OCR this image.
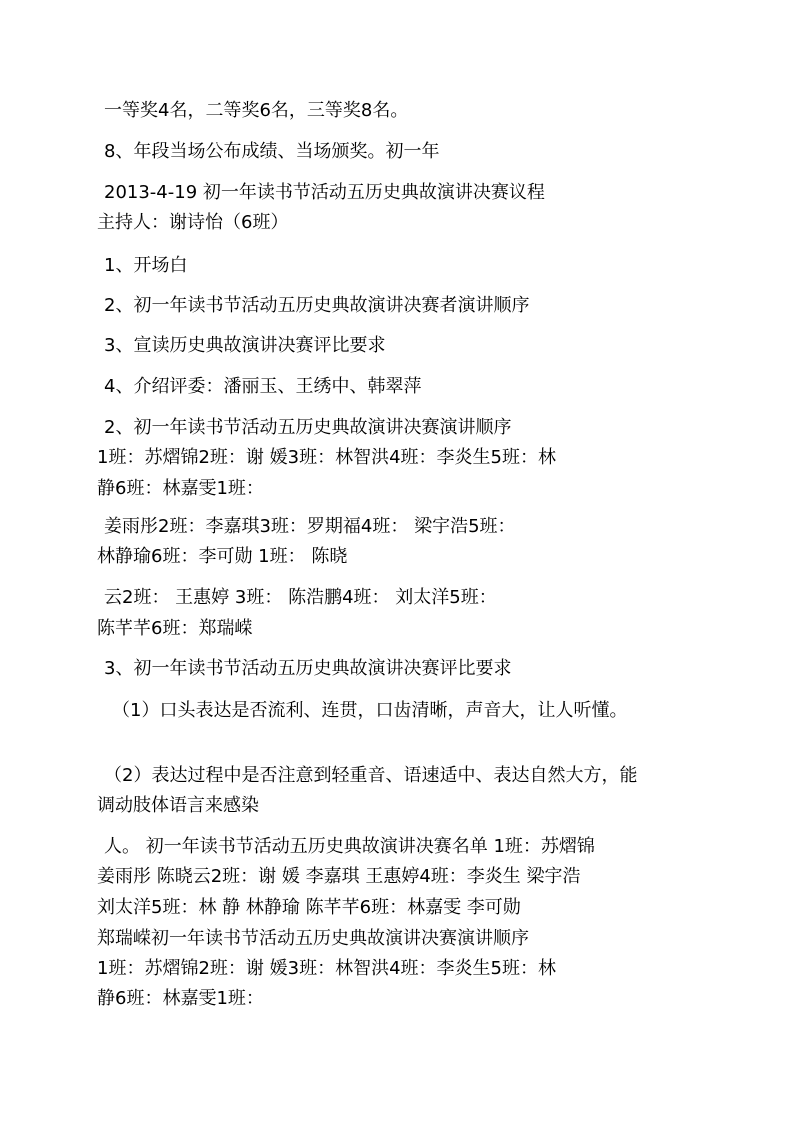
一等奖4名，二等奖6名，三等奖8名。

8、年段当场公布成绩、当场颁奖。初一年

2013-4-19 初一年读书节活动五历史典故演讲决赛议程

主持人：谢诗怡（6班）

1、开场白

2、初一年读书节活动五历史典故演讲决赛者演讲顺序

3、宣读历史典故演讲决赛评比要求

4、介绍评委：潘丽玉、王绣中、韩翠萍

2、初一年读书节活动五历史典故演讲决赛演讲顺序

1班：苏熠锦2班：谢 媛3班：林智洪4班：李炎生5班：林

静6班：林嘉雯1班：

姜雨彤2班：李嘉琪3班：罗期福4班： 梁宇浩5班：

林静瑜6班：李可勋 1班： 陈晓

云2班： 王惠婷 3班： 陈浩鹏4班： 刘太洋5班：

陈芊芊6班：郑瑞嵘

3、初一年读书节活动五历史典故演讲决赛评比要求

（1）口头表达是否流利、连贯，口齿清晰，声音大，让人听懂。

（2）表达过程中是否注意到轻重音、语速适中、表达自然大方，能

调动肢体语言来感染

人。 初一年读书节活动五历史典故演讲决赛名单 1班：苏熠锦

姜雨彤 陈晓云2班：谢 媛 李嘉琪 王惠婷4班：李炎生 梁宇浩

刘太洋5班：林 静 林静瑜 陈芊芊6班：林嘉雯 李可勋

郑瑞嵘初一年读书节活动五历史典故演讲决赛演讲顺序

1班：苏熠锦2班：谢 媛3班：林智洪4班：李炎生5班：林

静6班：林嘉雯1班：
